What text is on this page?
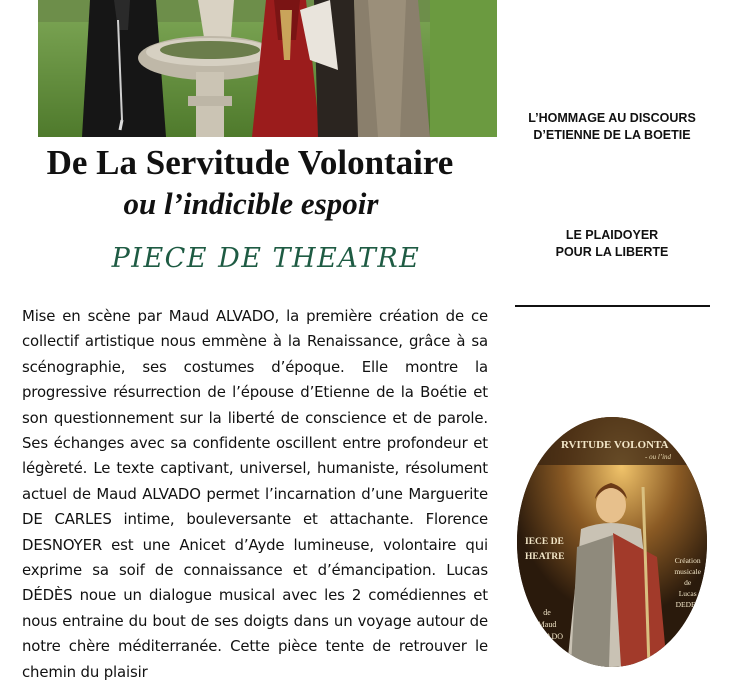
De La Servitude Volontaire
ou l’indicible espoir
PIECE DE THEATRE

Mise en scène par Maud ALVADO, la première création de ce collectif artistique nous emmène à la Renaissance, grâce à sa scénographie, ses costumes d’époque. Elle montre la progressive résurrection de l’épouse d’Etienne de la Boétie et son questionnement sur la liberté de conscience et de parole. Ses échanges avec sa confidente oscillent entre profondeur et légèreté. Le texte captivant, universel, humaniste, résolument actuel de Maud ALVADO permet l’incarnation d’une Marguerite DE CARLES intime, bouleversante et attachante. Florence DESNOYER est une Anicet d’Ayde lumineuse, volontaire qui exprime sa soif de connaissance et d’émancipation. Lucas DÉDÈS noue un dialogue musical avec les 2 comédiennes et nous entraine du bout de ses doigts dans un voyage autour de notre chère méditerranée. Cette pièce tente de retrouver le chemin du plaisir

L’HOMMAGE AU DISCOURS
D’ETIENNE DE LA BOETIE
LE PLAIDOYER
POUR LA LIBERTE
RVITUDE VOLONTA
- ou l’ind
IECE DE
HEATRE	Création
musicale
de
Lucas
DEDES
de
Maud
ALVADO
